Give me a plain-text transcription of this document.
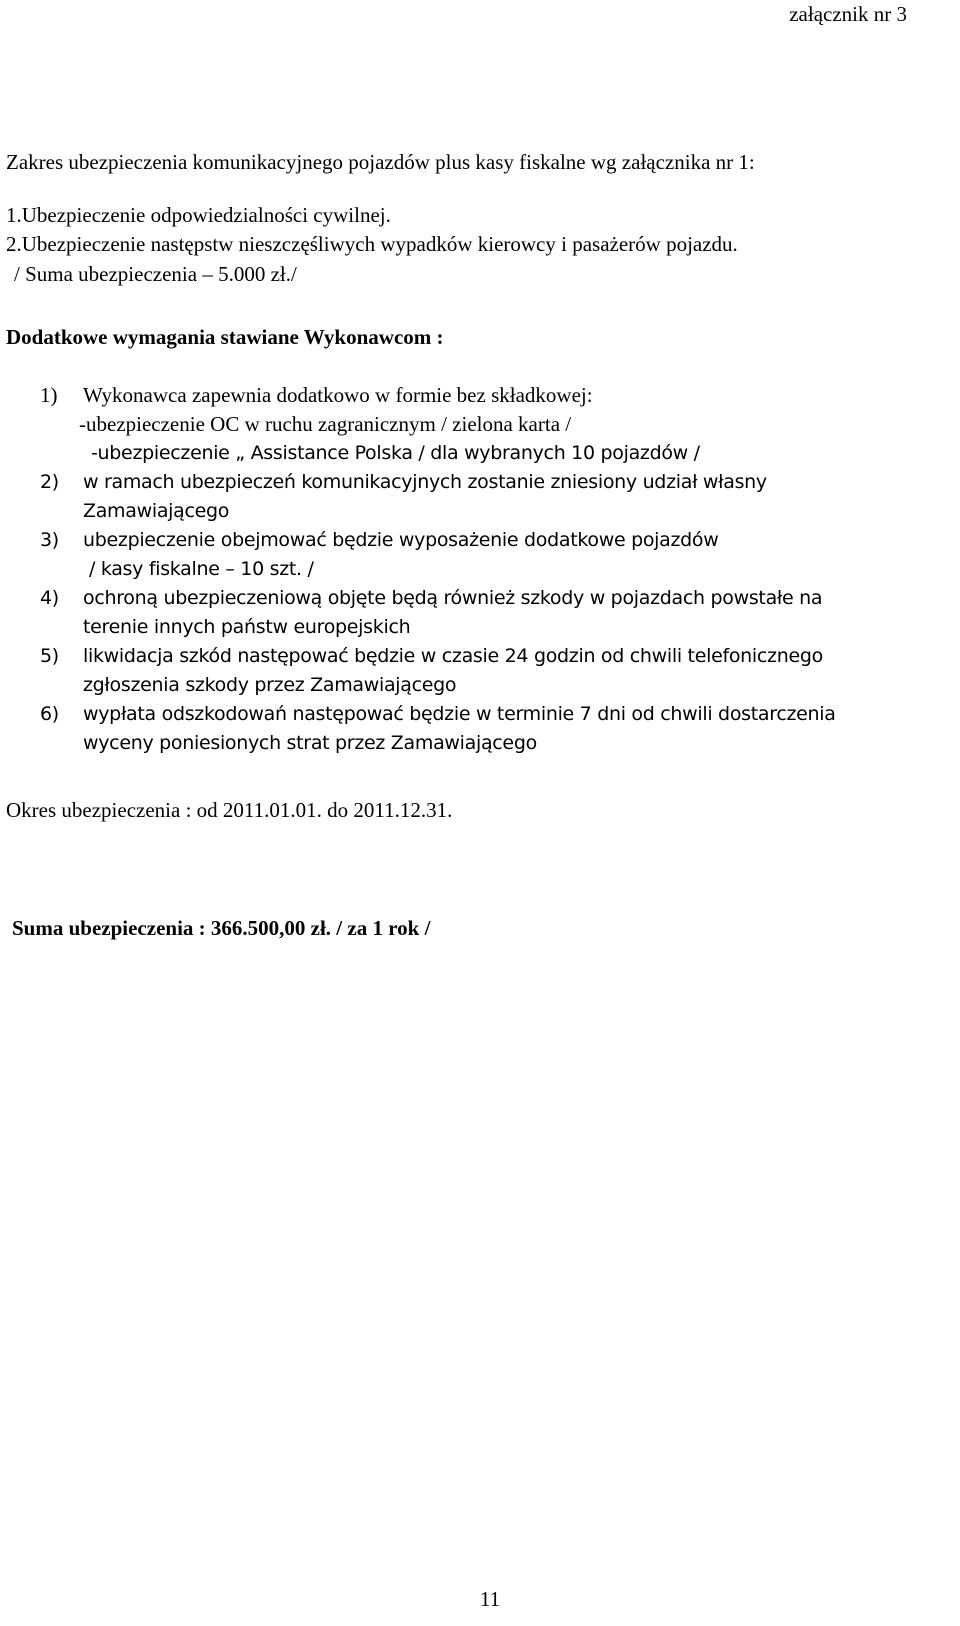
załącznik nr 3
Zakres ubezpieczenia komunikacyjnego pojazdów plus kasy fiskalne wg załącznika nr 1:
1.Ubezpieczenie odpowiedzialności cywilnej.
2.Ubezpieczenie następstw nieszczęśliwych wypadków kierowcy i pasażerów pojazdu.
/ Suma ubezpieczenia – 5.000 zł./
Dodatkowe wymagania stawiane Wykonawcom :
1) Wykonawca zapewnia dodatkowo w formie bez składkowej:
-ubezpieczenie OC w ruchu zagranicznym / zielona karta /
-ubezpieczenie „ Assistance Polska / dla wybranych 10 pojazdów /
2) w ramach ubezpieczeń komunikacyjnych zostanie zniesiony udział własny
Zamawiającego
3) ubezpieczenie obejmować będzie wyposażenie dodatkowe pojazdów
/ kasy fiskalne – 10 szt. /
4) ochroną ubezpieczeniową objęte będą również szkody w pojazdach powstałe na
terenie innych państw europejskich
5) likwidacja szkód następować będzie w czasie 24 godzin od chwili telefonicznego
zgłoszenia szkody przez Zamawiającego
6) wypłata odszkodowań następować będzie w terminie 7 dni od chwili dostarczenia
wyceny poniesionych strat przez Zamawiającego
Okres ubezpieczenia : od 2011.01.01. do 2011.12.31.
Suma ubezpieczenia : 366.500,00 zł. / za 1 rok /
11
